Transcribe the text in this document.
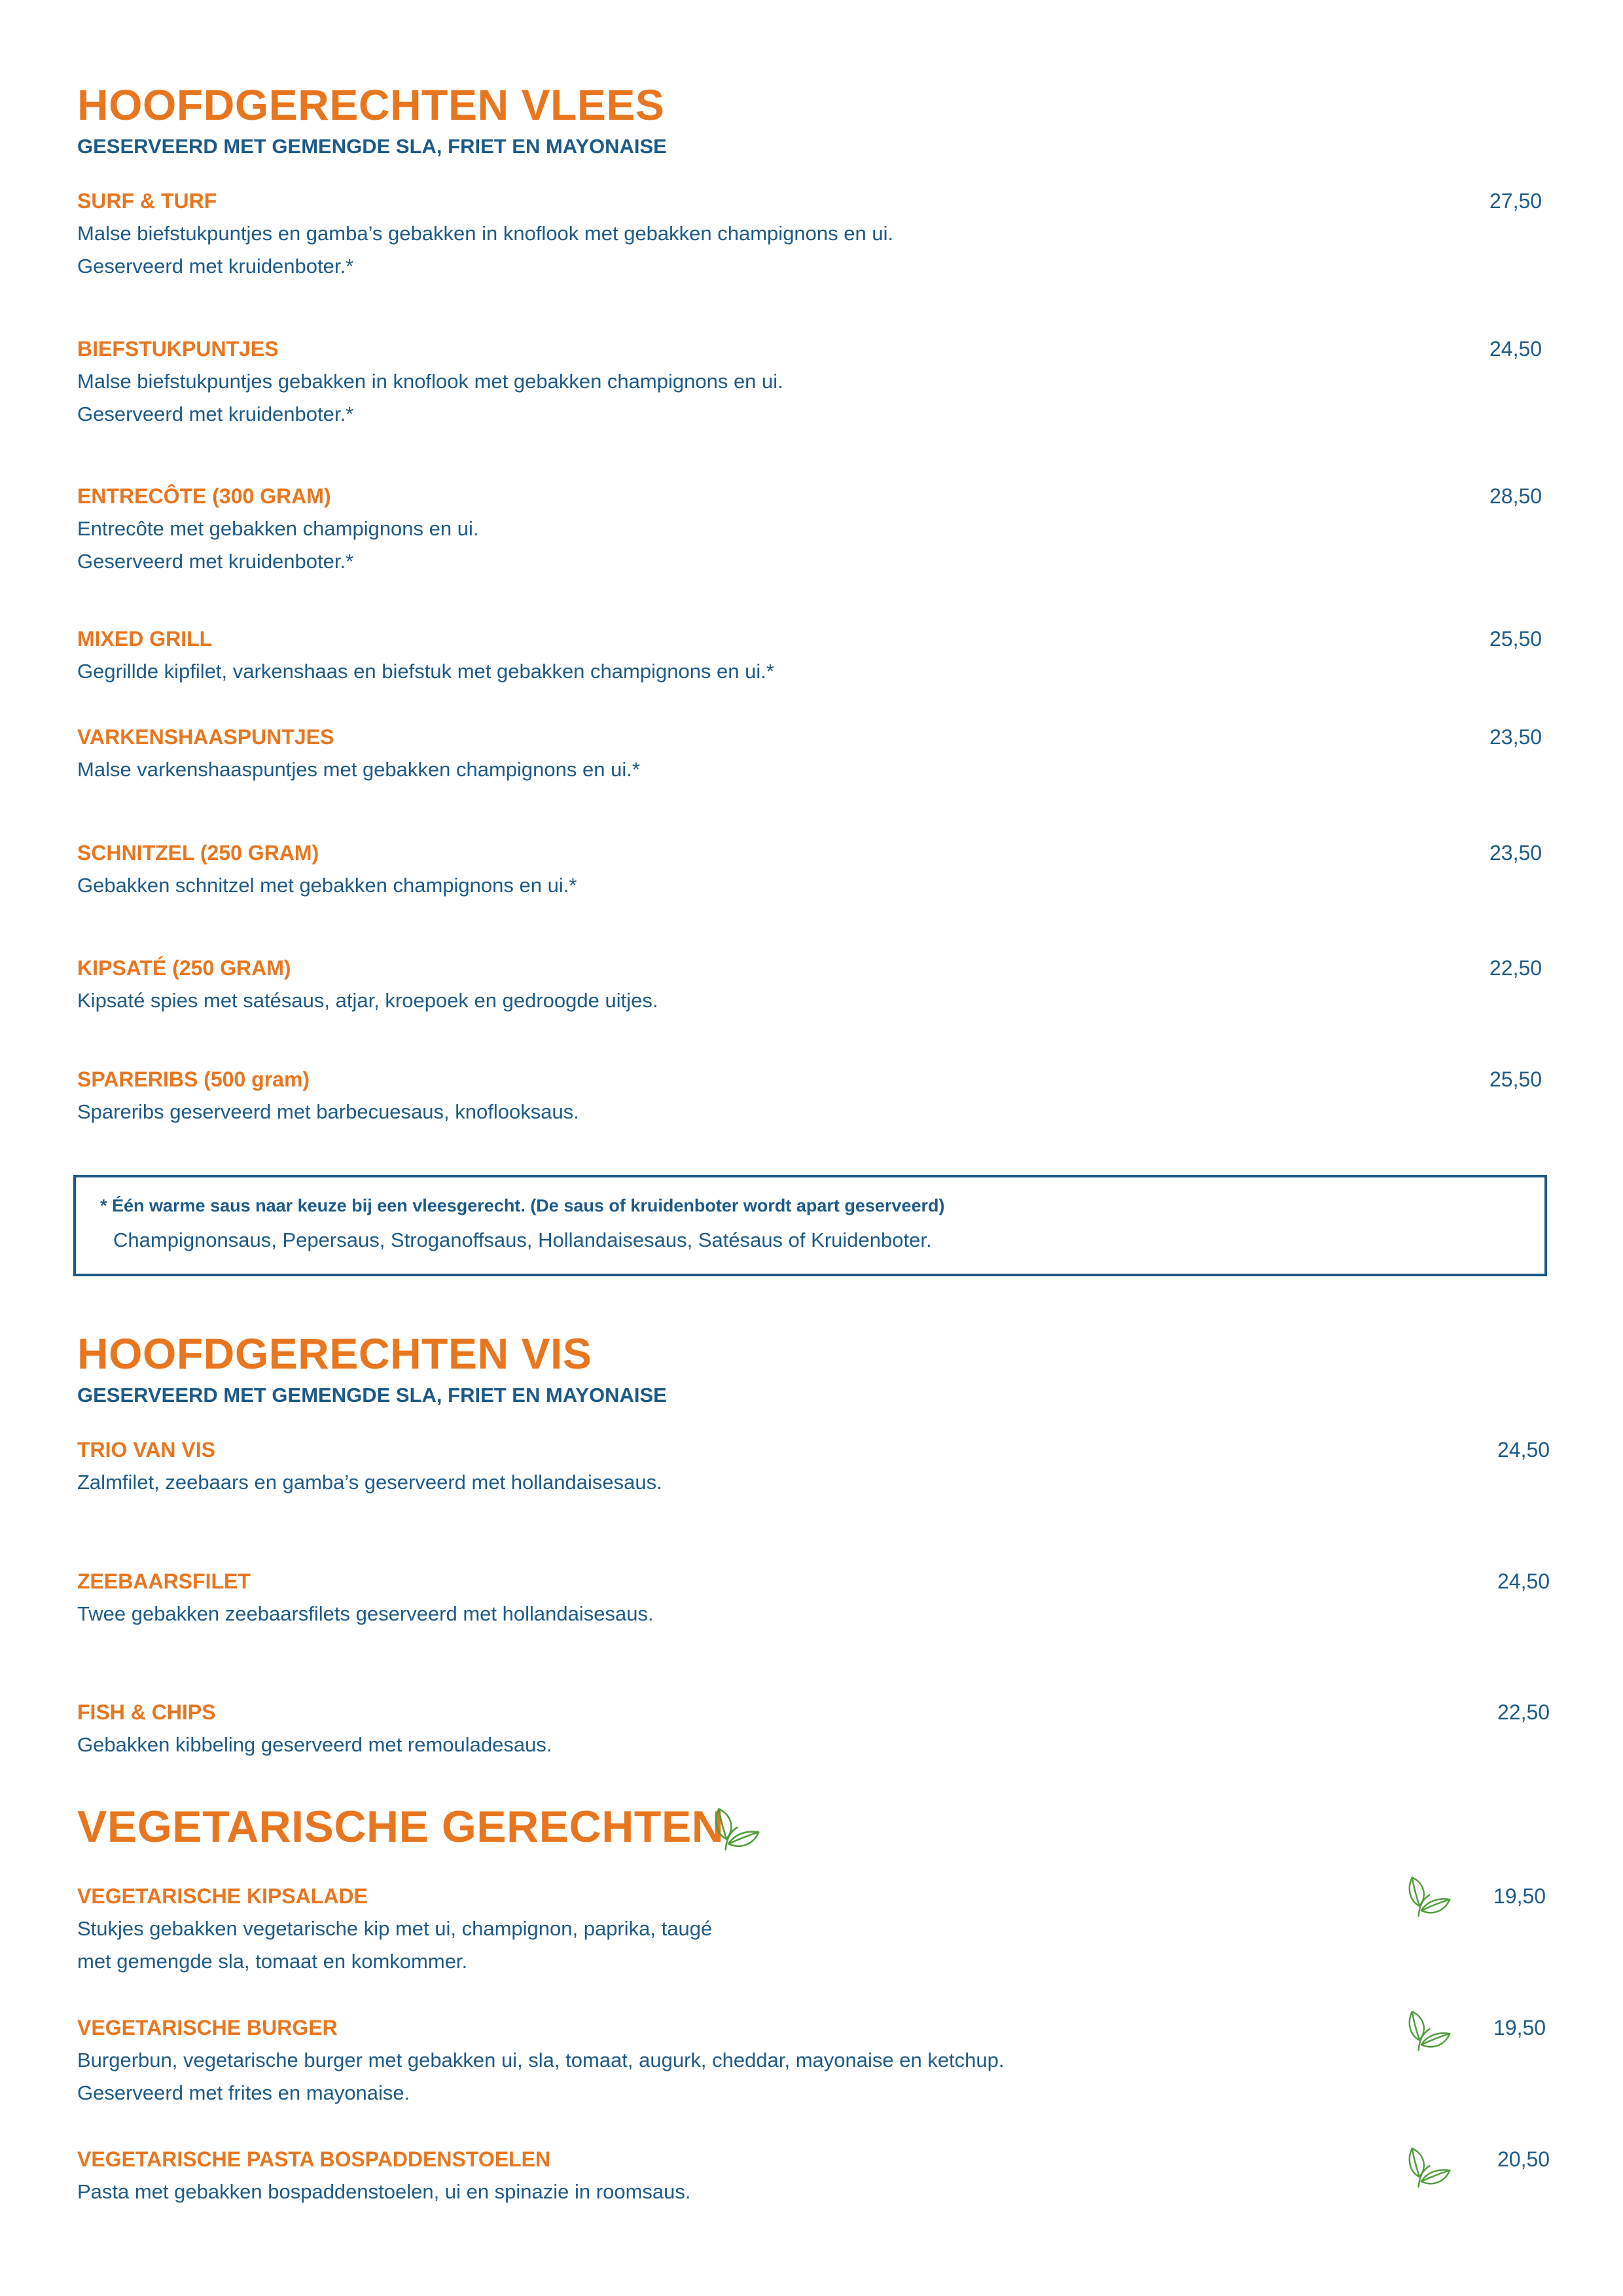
HOOFDGERECHTEN VLEES
GESERVEERD MET GEMENGDE SLA, FRIET EN MAYONAISE
SURF & TURF
Malse biefstukpuntjes en gamba’s gebakken in knoflook met gebakken champignons en ui.
Geserveerd met kruidenboter.*
27,50
BIEFSTUKPUNTJES
Malse biefstukpuntjes gebakken in knoflook met gebakken champignons en ui.
Geserveerd met kruidenboter.*
24,50
ENTRECÔTE (300 GRAM)
Entrecôte met gebakken champignons en ui.
Geserveerd met kruidenboter.*
28,50
MIXED GRILL
Gegrillde kipfilet, varkenshaas en biefstuk met gebakken champignons en ui.*
25,50
VARKENSHAASPUNTJES
Malse varkenshaaspuntjes met gebakken champignons en ui.*
23,50
SCHNITZEL (250 GRAM)
Gebakken schnitzel met gebakken champignons en ui.*
23,50
KIPSATÉ (250 GRAM)
Kipsaté spies met satésaus, atjar, kroepoek en gedroogde uitjes.
22,50
SPARERIBS (500 gram)
Spareribs geserveerd met barbecuesaus, knoflooksaus.
25,50
* Één warme saus naar keuze bij een vleesgerecht. (De saus of kruidenboter wordt apart geserveerd)
Champignonsaus, Pepersaus, Stroganoffsaus, Hollandaisesaus, Satésaus of Kruidenboter.
HOOFDGERECHTEN VIS
GESERVEERD MET GEMENGDE SLA, FRIET EN MAYONAISE
TRIO VAN VIS
Zalmfilet, zeebaars en gamba’s geserveerd met hollandaisesaus.
24,50
ZEEBAARSFILET
Twee gebakken zeebaarsfilets geserveerd met hollandaisesaus.
24,50
FISH & CHIPS
Gebakken kibbeling geserveerd met remouladesaus.
22,50
VEGETARISCHE GERECHTEN
VEGETARISCHE KIPSALADE
Stukjes gebakken vegetarische kip met ui, champignon, paprika, taugé
met gemengde sla, tomaat en komkommer.
19,50
VEGETARISCHE BURGER
Burgerbun, vegetarische burger met gebakken ui, sla, tomaat, augurk, cheddar, mayonaise en ketchup.
Geserveerd met frites en mayonaise.
19,50
VEGETARISCHE PASTA BOSPADDENSTOELEN
Pasta met gebakken bospaddenstoelen, ui en spinazie in roomsaus.
20,50
